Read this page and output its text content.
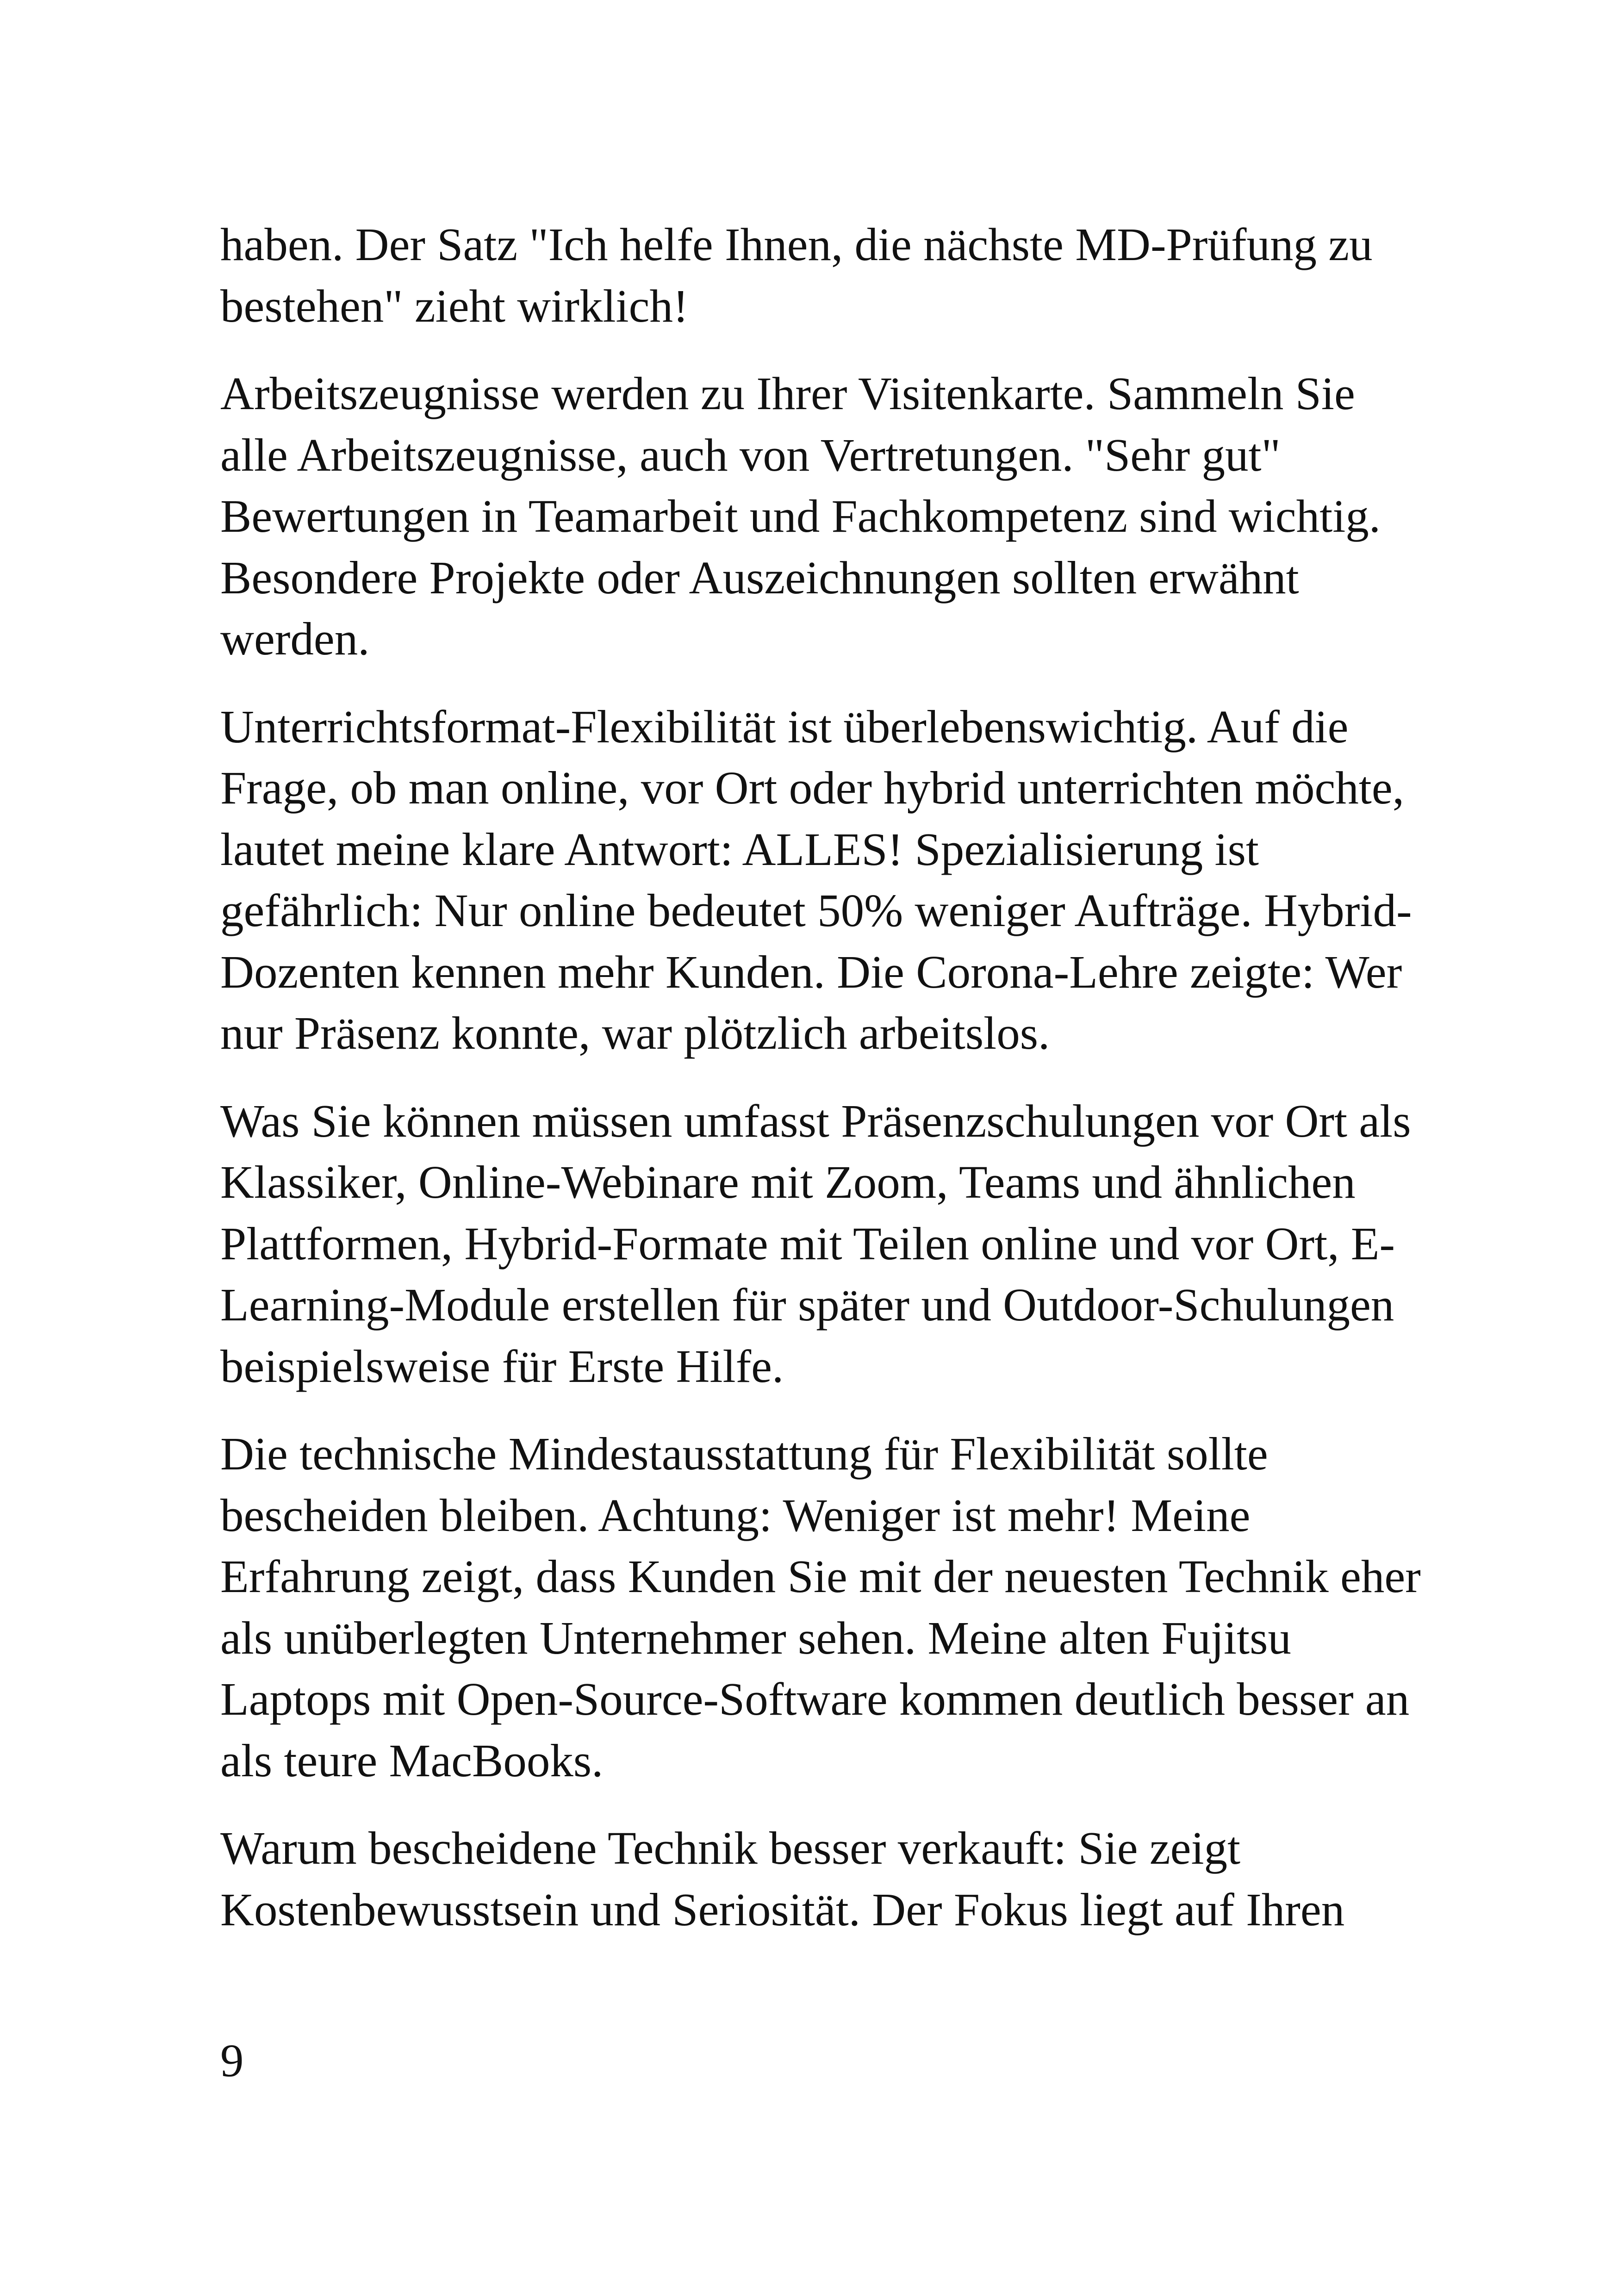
haben. Der Satz "Ich helfe Ihnen, die nächste MD-Prüfung zu bestehen" zieht wirklich!

Arbeitszeugnisse werden zu Ihrer Visitenkarte. Sammeln Sie alle Arbeitszeugnisse, auch von Vertretungen. "Sehr gut" Bewertungen in Teamarbeit und Fachkompetenz sind wichtig. Besondere Projekte oder Auszeichnungen sollten erwähnt werden.

Unterrichtsformat-Flexibilität ist überlebenswichtig. Auf die Frage, ob man online, vor Ort oder hybrid unterrichten möchte, lautet meine klare Antwort: ALLES! Spezialisierung ist gefährlich: Nur online bedeutet 50% weniger Aufträge. Hybrid-Dozenten kennen mehr Kunden. Die Corona-Lehre zeigte: Wer nur Präsenz konnte, war plötzlich arbeitslos.

Was Sie können müssen umfasst Präsenzschulungen vor Ort als Klassiker, Online-Webinare mit Zoom, Teams und ähnlichen Plattformen, Hybrid-Formate mit Teilen online und vor Ort, E-Learning-Module erstellen für später und Outdoor-Schulungen beispielsweise für Erste Hilfe.

Die technische Mindestausstattung für Flexibilität sollte bescheiden bleiben. Achtung: Weniger ist mehr! Meine Erfahrung zeigt, dass Kunden Sie mit der neuesten Technik eher als unüberlegten Unternehmer sehen. Meine alten Fujitsu Laptops mit Open-Source-Software kommen deutlich besser an als teure MacBooks.

Warum bescheidene Technik besser verkauft: Sie zeigt Kostenbewusstsein und Seriosität. Der Fokus liegt auf Ihren

9
